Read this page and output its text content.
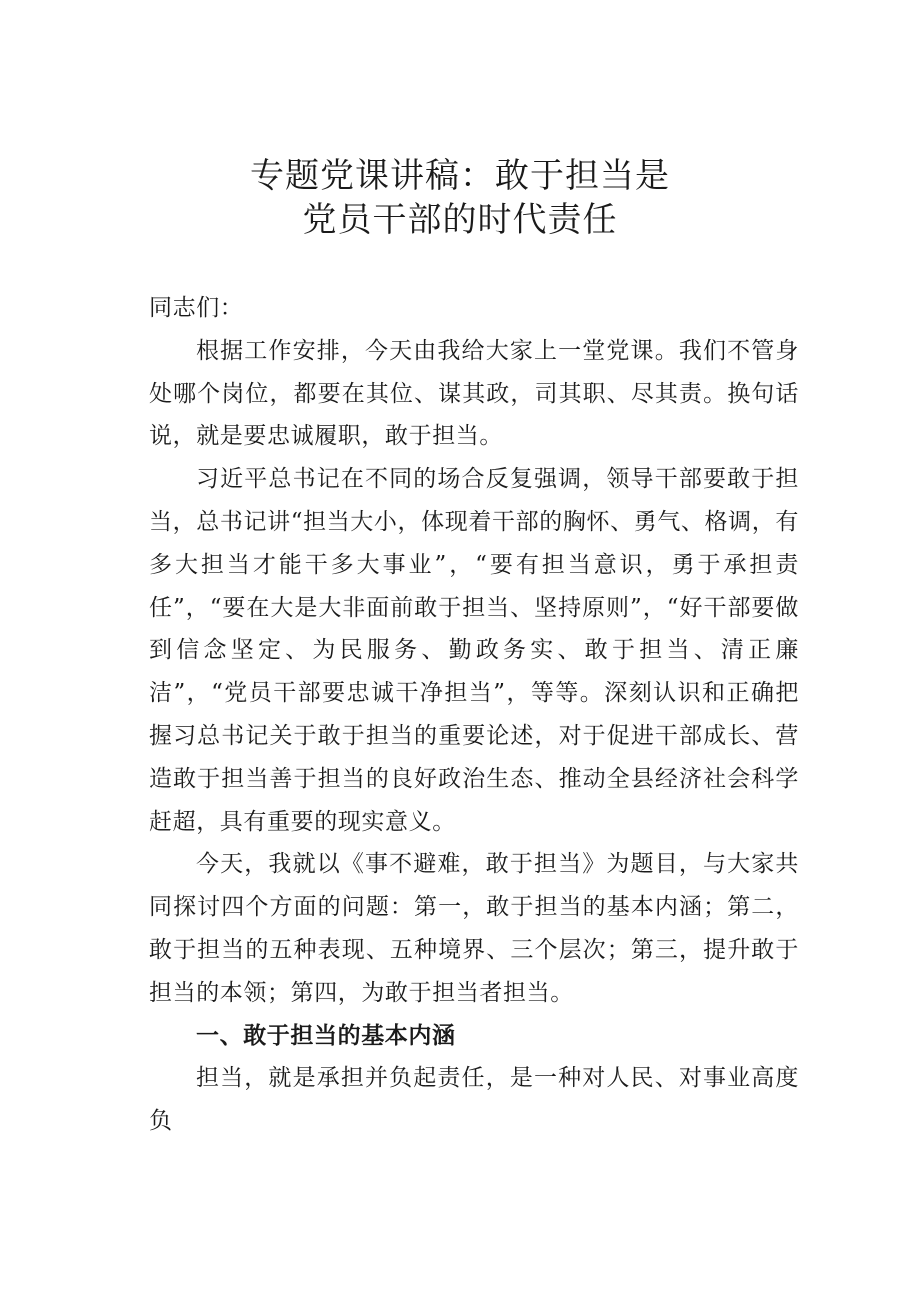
专题党课讲稿：敢于担当是
党员干部的时代责任

同志们：

根据工作安排，今天由我给大家上一堂党课。我们不管身处哪个岗位，都要在其位、谋其政，司其职、尽其责。换句话说，就是要忠诚履职，敢于担当。

习近平总书记在不同的场合反复强调，领导干部要敢于担当，总书记讲“担当大小，体现着干部的胸怀、勇气、格调，有多大担当才能干多大事业”，“要有担当意识，勇于承担责任”，“要在大是大非面前敢于担当、坚持原则”，“好干部要做到信念坚定、为民服务、勤政务实、敢于担当、清正廉洁”，“党员干部要忠诚干净担当”，等等。深刻认识和正确把握习总书记关于敢于担当的重要论述，对于促进干部成长、营造敢于担当善于担当的良好政治生态、推动全县经济社会科学赶超，具有重要的现实意义。

今天，我就以《事不避难，敢于担当》为题目，与大家共同探讨四个方面的问题：第一，敢于担当的基本内涵；第二，敢于担当的五种表现、五种境界、三个层次；第三，提升敢于担当的本领；第四，为敢于担当者担当。

一、敢于担当的基本内涵

担当，就是承担并负起责任，是一种对人民、对事业高度负
